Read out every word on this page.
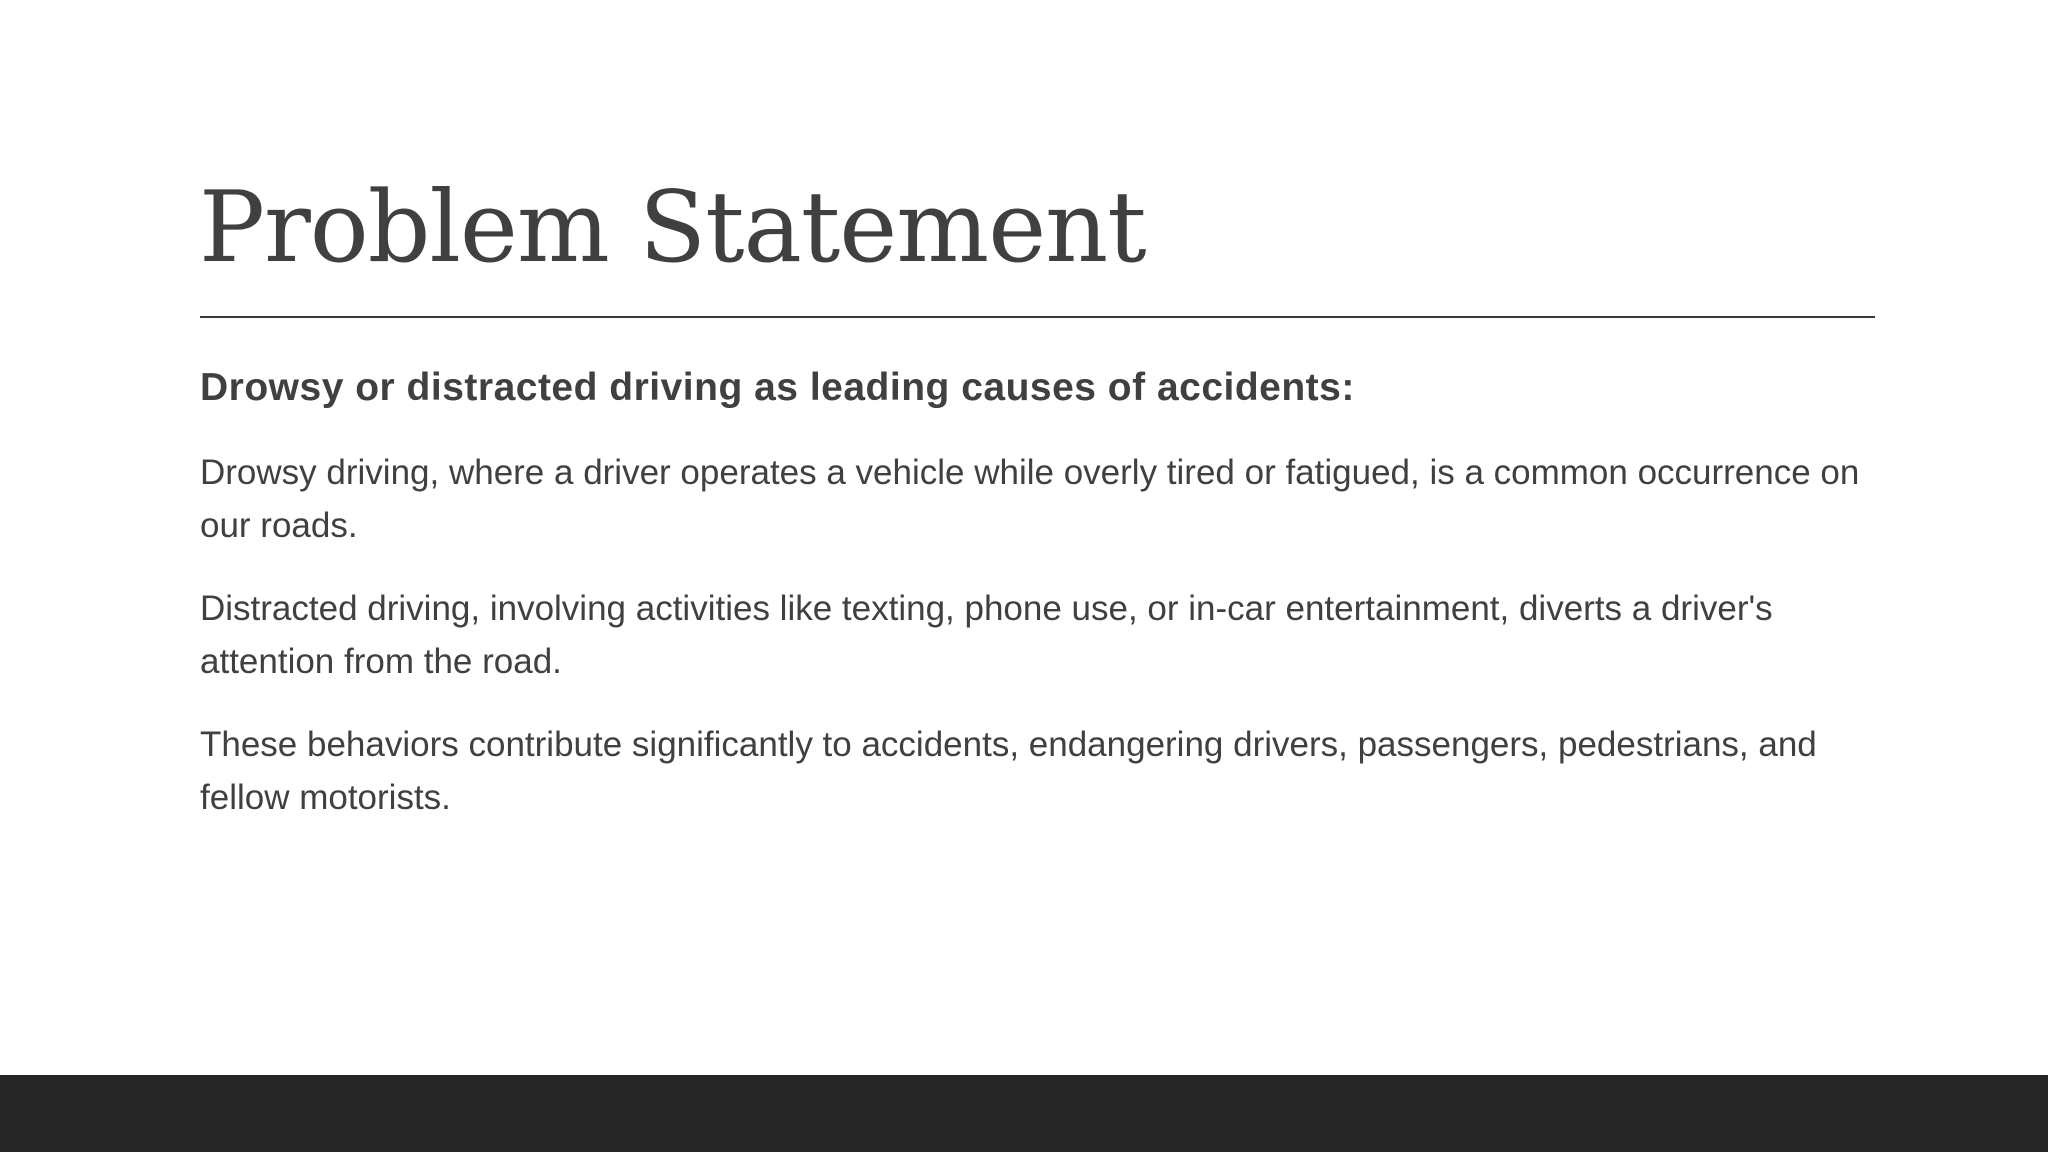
Problem Statement

Drowsy or distracted driving as leading causes of accidents:

Drowsy driving, where a driver operates a vehicle while overly tired or fatigued, is a common occurrence on our roads.

Distracted driving, involving activities like texting, phone use, or in-car entertainment, diverts a driver's attention from the road.

These behaviors contribute significantly to accidents, endangering drivers, passengers, pedestrians, and fellow motorists.
